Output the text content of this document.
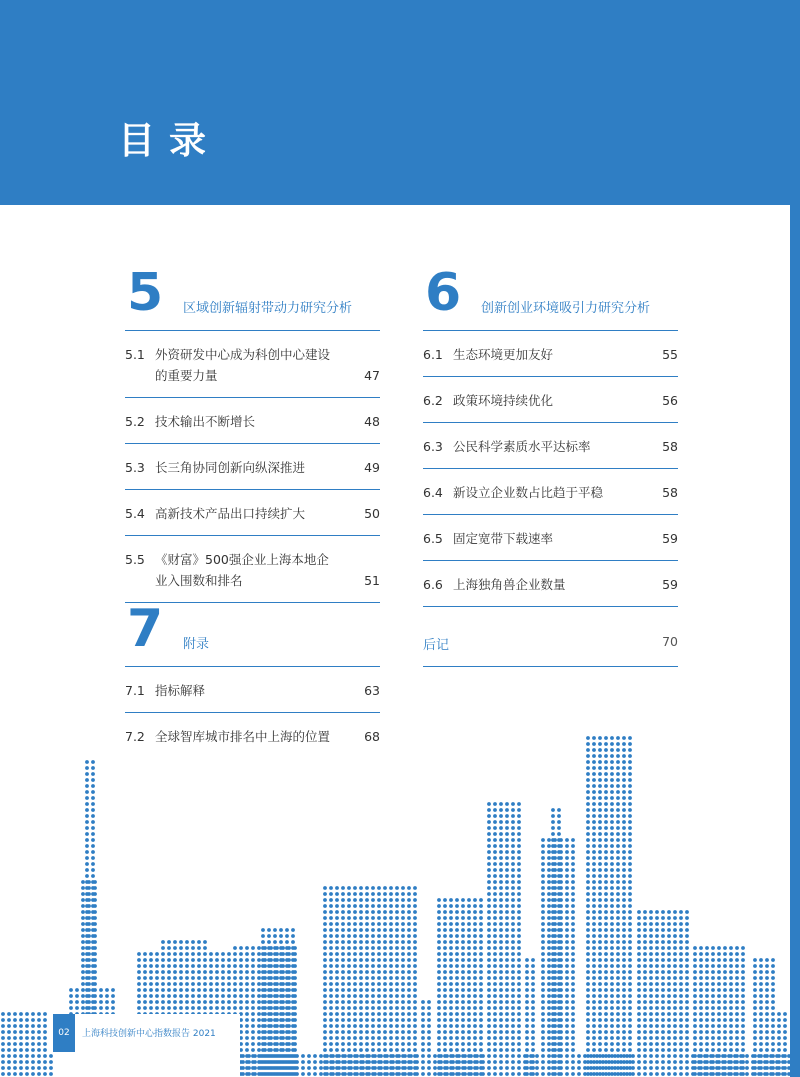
目录
5 区域创新辐射带动力研究分析
5.1 外资研发中心成为科创中心建设的重要力量	47
5.2 技术输出不断增长	48
5.3 长三角协同创新向纵深推进	49
5.4 高新技术产品出口持续扩大	50
5.5 《财富》500强企业上海本地企业入围数和排名	51
6 创新创业环境吸引力研究分析
6.1 生态环境更加友好	55
6.2 政策环境持续优化	56
6.3 公民科学素质水平达标率	58
6.4 新设立企业数占比趋于平稳	58
6.5 固定宽带下载速率	59
6.6 上海独角兽企业数量	59
7 附录
7.1 指标解释	63
7.2 全球智库城市排名中上海的位置	68
后记	70
02	上海科技创新中心指数报告 2021
